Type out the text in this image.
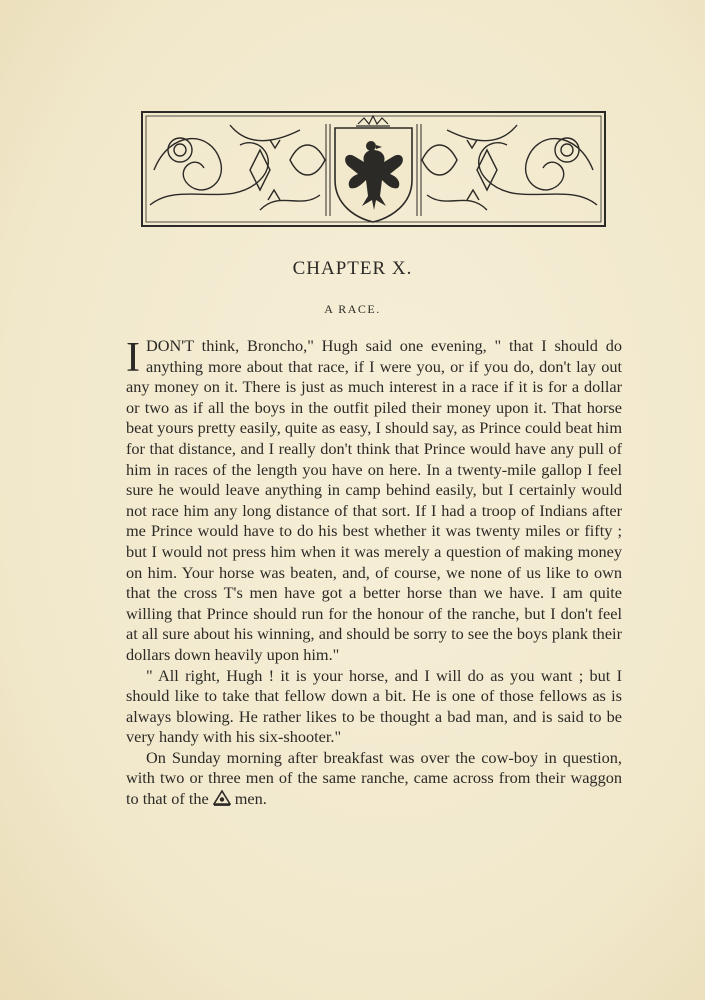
CHAPTER X.
A RACE.

IDON'T think, Broncho," Hugh said one evening, " that I should do anything more about that race, if I were you, or if you do, don't lay out any money on it. There is just as much interest in a race if it is for a dollar or two as if all the boys in the outfit piled their money upon it. That horse beat yours pretty easily, quite as easy, I should say, as Prince could beat him for that distance, and I really don't think that Prince would have any pull of him in races of the length you have on here. In a twenty-mile gallop I feel sure he would leave anything in camp behind easily, but I certainly would not race him any long distance of that sort. If I had a troop of Indians after me Prince would have to do his best whether it was twenty miles or fifty ; but I would not press him when it was merely a question of making money on him. Your horse was beaten, and, of course, we none of us like to own that the cross T's men have got a better horse than we have. I am quite willing that Prince should run for the honour of the ranche, but I don't feel at all sure about his winning, and should be sorry to see the boys plank their dollars down heavily upon him."

" All right, Hugh ! it is your horse, and I will do as you want ; but I should like to take that fellow down a bit. He is one of those fellows as is always blowing. He rather likes to be thought a bad man, and is said to be very handy with his six-shooter."

On Sunday morning after breakfast was over the cow-boy in question, with two or three men of the same ranche, came across from their waggon to that of the men.
